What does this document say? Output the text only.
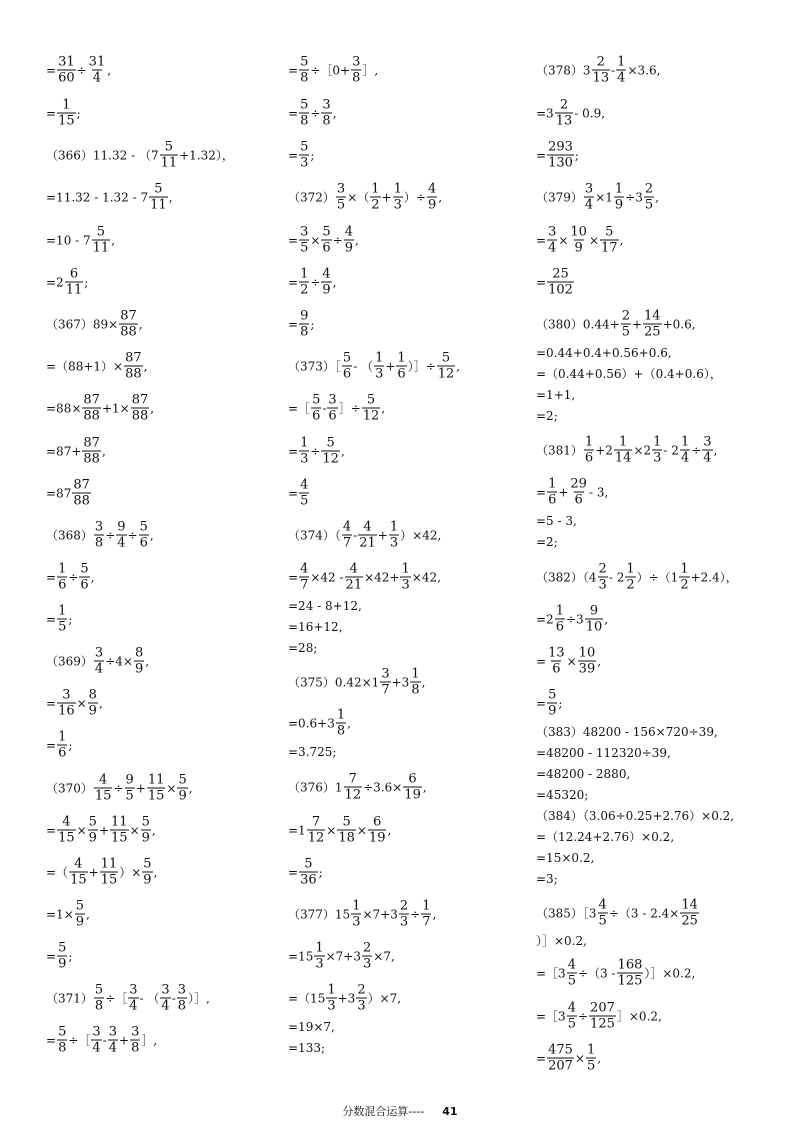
= $\frac{31}{60} \div \frac{31}{4}$ ,
= $\frac{1}{15}$ ;
$(366)11.32 - (7 \frac{5}{11} +1.32)$，
$=11.32 - 1.32 - 7 \frac{5}{11}$ ,
$=10 - 7 \frac{5}{11}$ ,
$=2 \frac{6}{11}$ ;
$(367)89\times \frac{87}{88}$ ,
$=(88+1)\times \frac{87}{88}$ ,
$=88\times \frac{87}{88} +1\times \frac{87}{88}$ ,
$=87+ \frac{87}{88}$ ,
$=87 \frac{87}{88}$
$(368) \frac{3}{8} \div \frac{9}{4} \div \frac{5}{6}$ ,
= $\frac{1}{6} \div \frac{5}{6}$ ,
= $\frac{1}{5}$ ;
$(369) \frac{3}{4} \div 4\times \frac{8}{9}$ ,
= $\frac{3}{16} \times \frac{8}{9}$ ,
= $\frac{1}{6}$ ;
$(370) \frac{4}{15} \div \frac{9}{5} + \frac{11}{15} \times \frac{5}{9}$ ,
= $\frac{4}{15} \times \frac{5}{9} + \frac{11}{15} \times \frac{5}{9}$ ,
=（ $\frac{4}{15} + \frac{11}{15}$ ）× $\frac{5}{9}$ ,
$=1\times \frac{5}{9}$ ,
= $\frac{5}{9}$ ;
$(371) \frac{5}{8}$ ÷［ $\frac{3}{4}$ - （ $\frac{3}{4} - \frac{3}{8}$ ）］,
= $\frac{5}{8}$ ÷［ $\frac{3}{4} - \frac{3}{4} + \frac{3}{8}$ ］,
= $\frac{5}{8}$ ÷［0+ $\frac{3}{8}$ ］,
= $\frac{5}{8} \div \frac{3}{8}$ ,
= $\frac{5}{3}$ ;
$(372) \frac{3}{5}$ ×（ $\frac{1}{2} + \frac{1}{3}$ ）÷ $\frac{4}{9}$ ,
= $\frac{3}{5} \times \frac{5}{6} \div \frac{4}{9}$ ,
= $\frac{1}{2} \div \frac{4}{9}$ ,
= $\frac{9}{8}$ ;
（373）［ $\frac{5}{6}$ - （ $\frac{1}{3} + \frac{1}{6}$ ）］÷ $\frac{5}{12}$ ,
=［ $\frac{5}{6} - \frac{3}{6}$ ］÷ $\frac{5}{12}$ ,
= $\frac{1}{3} \div \frac{5}{12}$ ,
= $\frac{4}{5}$
$(374)( \frac{4}{7} - \frac{4}{21} + \frac{1}{3} )\times 42$,
= $\frac{4}{7} \times 42 - \frac{4}{21} \times 42+ \frac{1}{3} \times 42$,
=24 - 8+12,
=16+12,
=28;
$(375)0.42\times 1 \frac{3}{7} +3 \frac{1}{8}$ ,
$=0.6+3 \frac{1}{8}$ ,
=3.725;
$(376)1 \frac{7}{12} \div 3.6\times \frac{6}{19}$ ,
$=1 \frac{7}{12} \times \frac{5}{18} \times \frac{6}{19}$ ,
= $\frac{5}{36}$ ;
$(377)15 \frac{1}{3} \times 7+3 \frac{2}{3} \div \frac{1}{7}$ ,
$=15 \frac{1}{3} \times 7+3 \frac{2}{3} \times 7$,
$=(15 \frac{1}{3} +3 \frac{2}{3} )\times 7$,
=19×7,
=133;
$(378)3 \frac{2}{13} - \frac{1}{4} \times 3.6$,
$=3 \frac{2}{13} - 0.9$,
= $\frac{293}{130}$ ;
$(379) \frac{3}{4} \times 1 \frac{1}{9} \div 3 \frac{2}{5}$ ,
= $\frac{3}{4} \times \frac{10}{9} \times \frac{5}{17}$ ,
= $\frac{25}{102}$
$(380)0.44+ \frac{2}{5} + \frac{14}{25} +0.6$,
=0.44+0.4+0.56+0.6,
=（0.44+0.56）+（0.4+0.6），
=1+1,
=2;
$(381) \frac{1}{6} +2 \frac{1}{14} \times 2 \frac{1}{3} - 2 \frac{1}{4} \div \frac{3}{4}$ ,
= $\frac{1}{6} + \frac{29}{6} - 3$,
=5 - 3,
=2;
$(382)(4 \frac{2}{3} - 2 \frac{1}{2} )\div(1 \frac{1}{2} +2.4)$，
$=2 \frac{1}{6} \div 3 \frac{9}{10}$ ,
= $\frac{13}{6} \times \frac{10}{39}$ ,
= $\frac{5}{9}$ ;
（383）48200 - 156×720÷39,
=48200 - 112320÷39,
=48200 - 2880,
=45320;
（384）（3.06÷0.25+2.76）×0.2,
=（12.24+2.76）×0.2,
=15×0.2,
=3;
（385）［3 $\frac{4}{5} \div(3 - 2.4\times \frac{14}{25}$
）］×0.2,
=［3 $\frac{4}{5} \div(3 - \frac{168}{125}$ ）］×0.2,
=［3 $\frac{4}{5} \div \frac{207}{125}$ ］×0.2,
= $\frac{475}{207} \times \frac{1}{5}$ ,
分数混合运算---- 41
